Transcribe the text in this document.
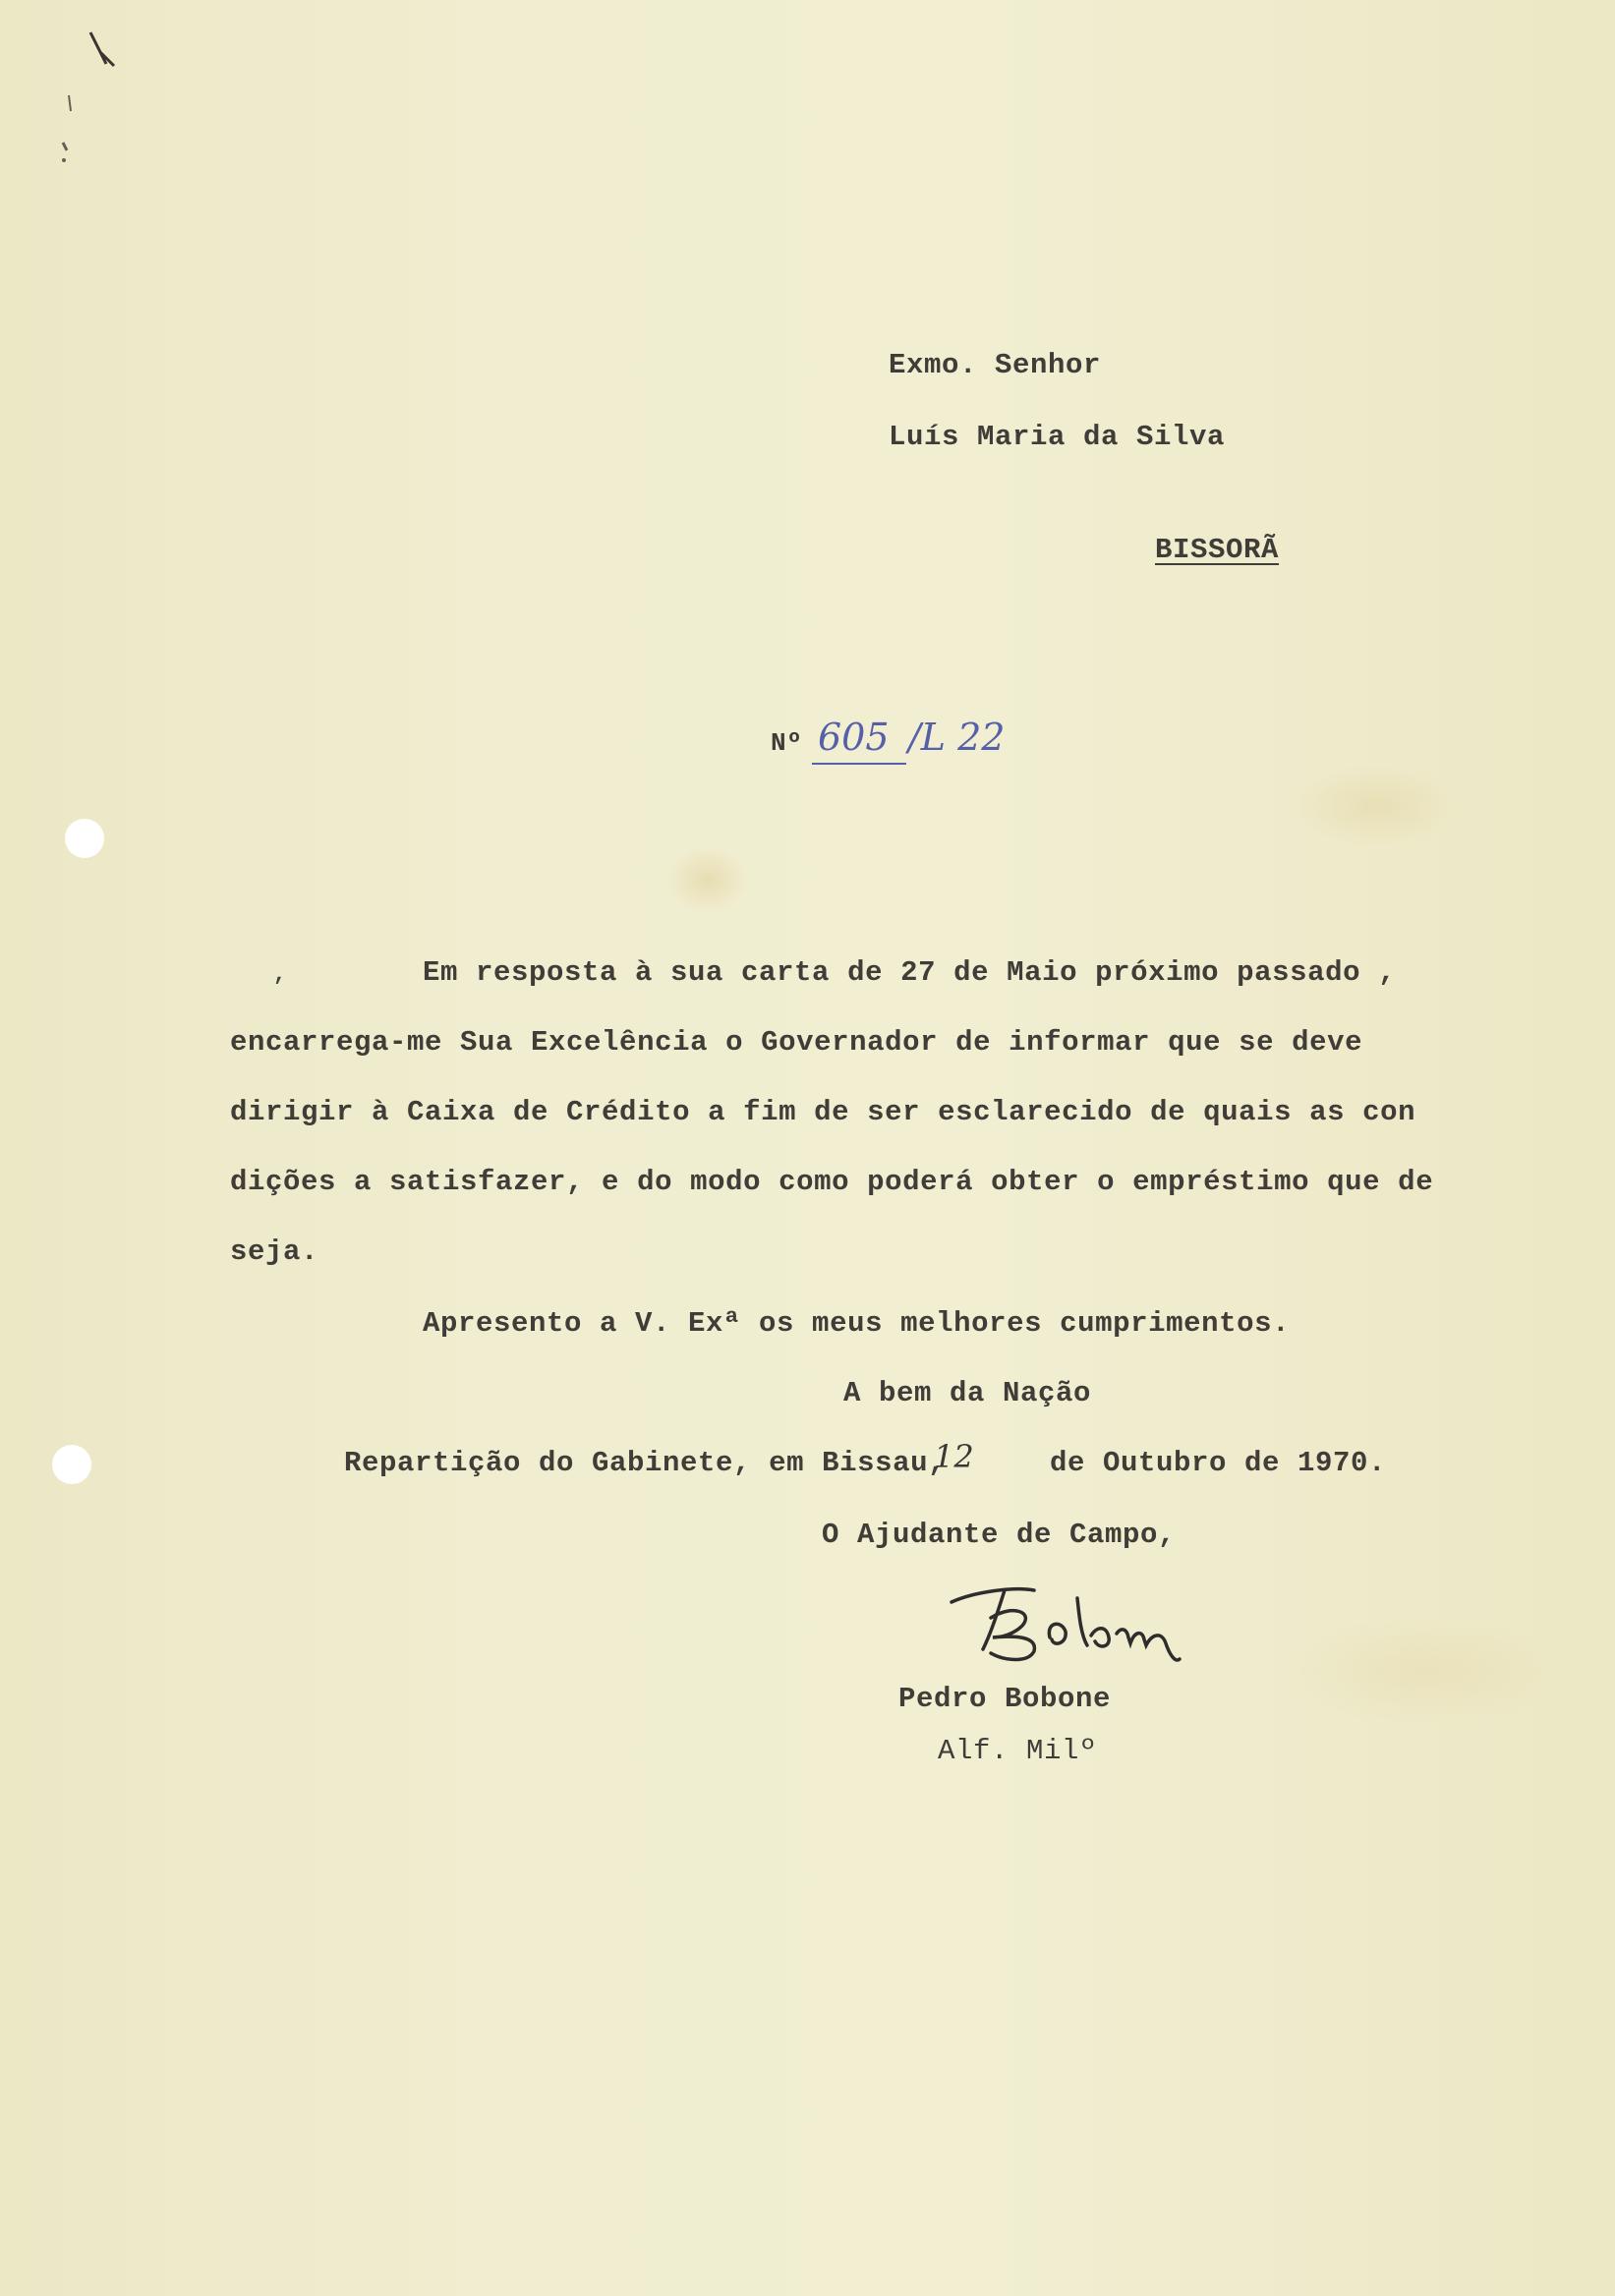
Exmo. Senhor
Luís Maria da Silva
BISSORÃ
Nº 605 /L 22
,	Em resposta à sua carta de 27 de Maio próximo passado ,
encarrega-me Sua Excelência o Governador de informar que se deve
dirigir à Caixa de Crédito a fim de ser esclarecido de quais as con
dições a satisfazer, e do modo como poderá obter o empréstimo que de
seja.
Apresento a V. Exª os meus melhores cumprimentos.
A bem da Nação
Repartição do Gabinete, em Bissau,
12	de Outubro de 1970.
O Ajudante de Campo,
Pedro Bobone
Alf. Milº
